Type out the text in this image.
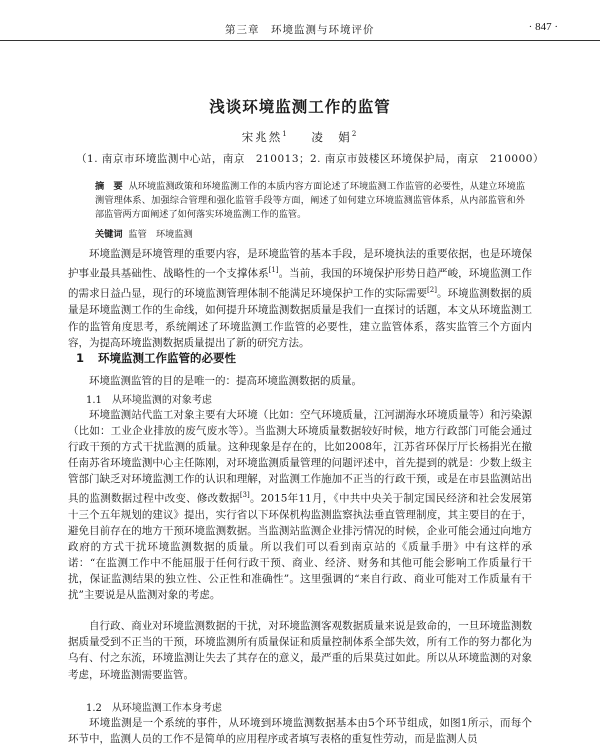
第三章　环境监测与环境评价	· 847 ·
浅谈环境监测工作的监管
宋兆然$^1$ 凌　娟$^2$
（1. 南京市环境监测中心站，南京　210013；2. 南京市鼓楼区环境保护局，南京　210000）
摘　要 从环境监测政策和环境监测工作的本质内容方面论述了环境监测工作监管的必要性，从建立环境监测管理体系、加强综合管理和强化监管手段等方面，阐述了如何建立环境监测监管体系，从内部监管和外部监管两方面阐述了如何落实环境监测工作的监管。
关键词 监管　环境监测

环境监测是环境管理的重要内容，是环境监管的基本手段，是环境执法的重要依据，也是环境保护事业最具基础性、战略性的一个支撑体系[1]。当前，我国的环境保护形势日趋严峻，环境监测工作的需求日益凸显，现行的环境监测管理体制不能满足环境保护工作的实际需要[2]。环境监测数据的质量是环境监测工作的生命线，如何提升环境监测数据质量是我们一直探讨的话题，本文从环境监测工作的监管角度思考，系统阐述了环境监测工作监管的必要性，建立监管体系，落实监管三个方面内容，为提高环境监测数据质量提出了新的研究方法。

1 环境监测工作监管的必要性

环境监测监管的目的是唯一的：提高环境监测数据的质量。

1.1　从环境监测的对象考虑

环境监测站代监工对象主要有大环境（比如：空气环境质量，江河湖海水环境质量等）和污染源（比如：工业企业排放的废气废水等）。当监测大环境质量数据较好时候，地方行政部门可能会通过行政干预的方式干扰监测的质量。这种现象是存在的，比如2008年，江苏省环保厅厅长杨捐光在撤任南苏省环境监测中心主任陈刚，对环境监测质量管理的问题评述中，首先提到的就是：少数上级主管部门缺乏对环境监测工作的认识和理解，对监测工作施加不正当的行政干预，或是在市县监测站出具的监测数据过程中改变、修改数据[3]。2015年11月，《中共中央关于制定国民经济和社会发展第十三个五年规划的建议》提出，实行省以下环保机构监测监察执法垂直管理制度，其主要目的在于，避免目前存在的地方干预环境监测数据。当监测站监测企业排污情况的时候，企业可能会通过向地方政府的方式干扰环境监测数据的质量。所以我们可以看到南京站的《质量手册》中有这样的承诺：“在监测工作中不能屈服于任何行政干预、商业、经济、财务和其他可能会影响工作质量行干扰，保证监测结果的独立性、公正性和准确性”。这里强调的“来自行政、商业可能对工作质量有干扰”主要说是从监测对象的考虑。

自行政、商业对环境监测数据的干扰，对环境监测客观数据质量来说是致命的，一旦环境监测数据质量受到不正当的干预，环境监测所有质量保证和质量控制体系全部失效，所有工作的努力都化为乌有、付之东流，环境监测让失去了其存在的意义，最严重的后果莫过如此。所以从环境监测的对象考虑，环境监测需要监管。

1.2　从环境监测工作本身考虑

环境监测是一个系统的事件，从环境到环境监测数据基本由5个环节组成，如图1所示，而每个环节中，监测人员的工作不是简单的应用程序或者填写表格的重复性劳动，而是监测人员
